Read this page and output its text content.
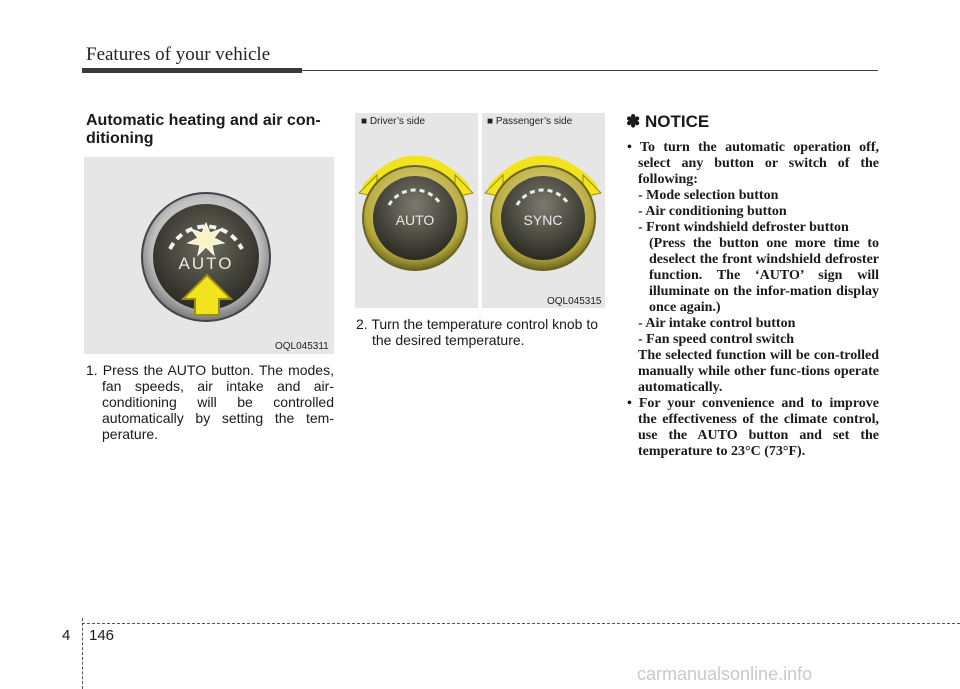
Features of your vehicle
Automatic heating and air con-ditioning
AUTO
OQL045311
1. Press the AUTO button. The modes, fan speeds, air intake and air-conditioning will be controlled automatically by setting the tem-perature.
■ Driver’s side	■ Passenger’s side
AUTO	SYNC
OQL045315
2. Turn the temperature control knob to the desired temperature.
✽ NOTICE
• To turn the automatic operation off, select any button or switch of the following:
- Mode selection button
- Air conditioning button
- Front windshield defroster button
(Press the button one more time to deselect the front windshield defroster function. The ‘AUTO’ sign will illuminate on the infor-mation display once again.)
- Air intake control button
- Fan speed control switch
The selected function will be con-trolled manually while other func-tions operate automatically.
• For your convenience and to improve the effectiveness of the climate control, use the AUTO button and set the temperature to 23°C (73°F).
4 146
carmanualsonline.info
